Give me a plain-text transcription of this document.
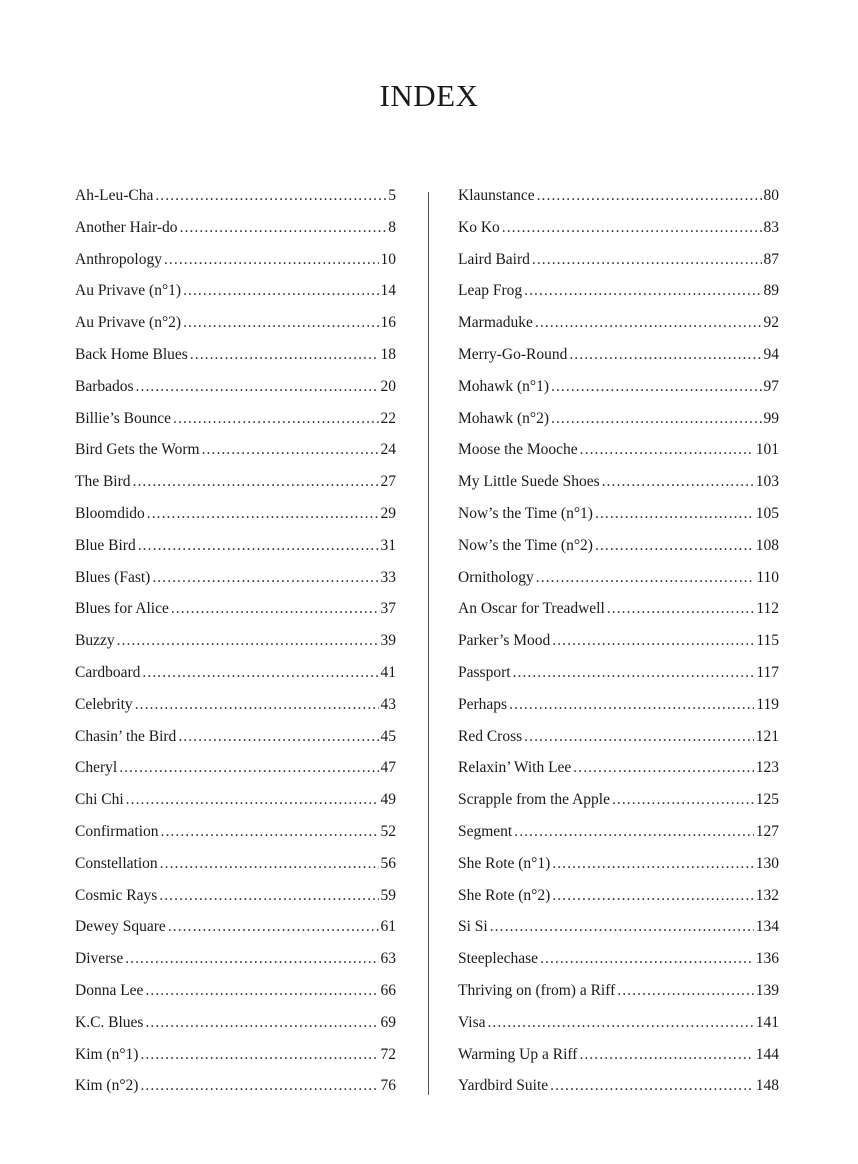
INDEX
Ah-Leu-Cha . . .	5
Another Hair-do . . .	8
Anthropology . . .	10
Au Privave (n°1) . . .	14
Au Privave (n°2) . . .	16
Back Home Blues . . .	18
Barbados . . .	20
Billie’s Bounce . . .	22
Bird Gets the Worm . . .	24
The Bird . . .	27
Bloomdido . . .	29
Blue Bird . . .	31
Blues (Fast) . . .	33
Blues for Alice . . .	37
Buzzy . . .	39
Cardboard . . .	41
Celebrity . . .	43
Chasin’ the Bird . . .	45
Cheryl . . .	47
Chi Chi . . .	49
Confirmation . . .	52
Constellation . . .	56
Cosmic Rays . . .	59
Dewey Square . . .	61
Diverse . . .	63
Donna Lee . . .	66
K.C. Blues . . .	69
Kim (n°1) . . .	72
Kim (n°2) . . .	76
Klaunstance . . .	80
Ko Ko . . .	83
Laird Baird . . .	87
Leap Frog . . .	89
Marmaduke . . .	92
Merry-Go-Round . . .	94
Mohawk (n°1) . . .	97
Mohawk (n°2) . . .	99
Moose the Mooche . . .	101
My Little Suede Shoes . . .	103
Now’s the Time (n°1) . . .	105
Now’s the Time (n°2) . . .	108
Ornithology . . .	110
An Oscar for Treadwell . . .	112
Parker’s Mood . . .	115
Passport . . .	117
Perhaps . . .	119
Red Cross . . .	121
Relaxin’ With Lee . . .	123
Scrapple from the Apple . . .	125
Segment . . .	127
She Rote (n°1) . . .	130
She Rote (n°2) . . .	132
Si Si . . .	134
Steeplechase . . .	136
Thriving on (from) a Riff . . .	139
Visa . . .	141
Warming Up a Riff . . .	144
Yardbird Suite . . .	148
